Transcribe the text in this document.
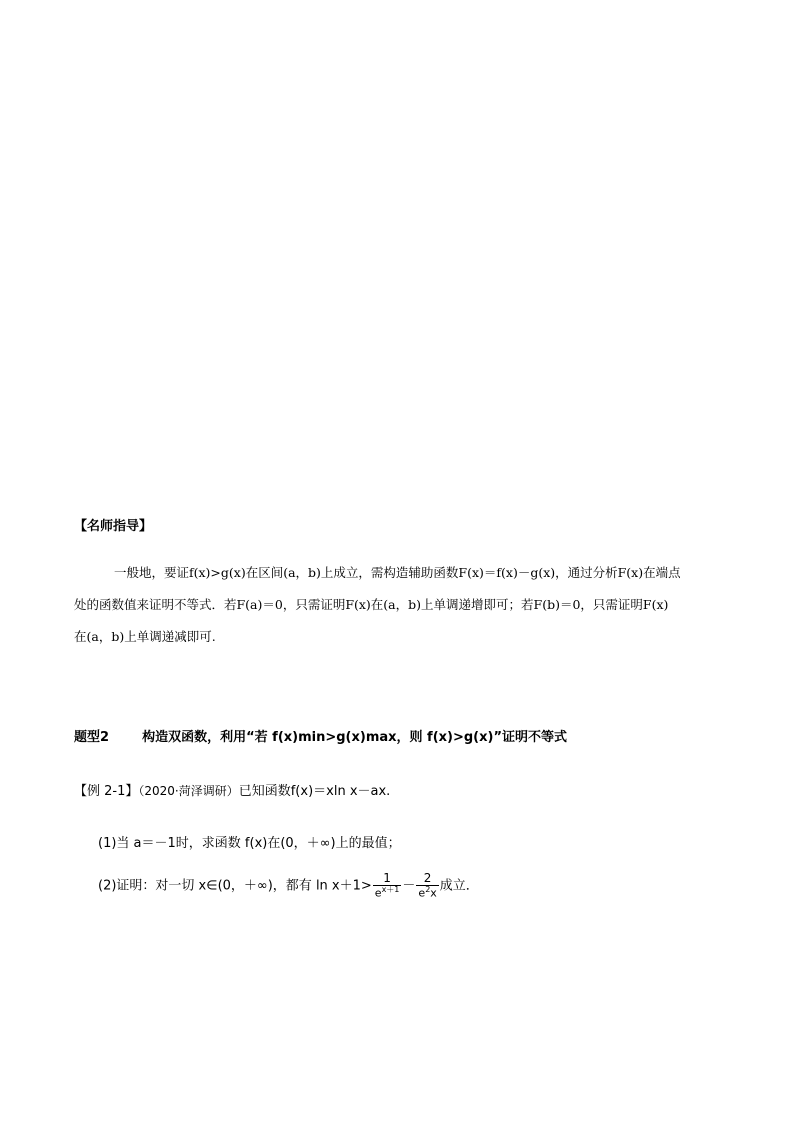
【名师指导】
一般地，要证f(x)>g(x)在区间(a，b)上成立，需构造辅助函数F(x)＝f(x)－g(x)，通过分析F(x)在端点
处的函数值来证明不等式．若F(a)＝0，只需证明F(x)在(a，b)上单调递增即可；若F(b)＝0，只需证明F(x)
在(a，b)上单调递减即可.
题型2	构造双函数，利用“若 f(x)min>g(x)max，则 f(x)>g(x)”证明不等式
【例 2-1】（2020·菏泽调研）已知函数f(x)＝xln x－ax.
(1)当 a＝－1时，求函数 f(x)在(0，＋∞)上的最值；
(2)证明：对一切 x∈(0，＋∞)，都有 $\ln x+1> \frac{1}{e^{x+1}} - \frac{2}{e^2x}$ 成立．
